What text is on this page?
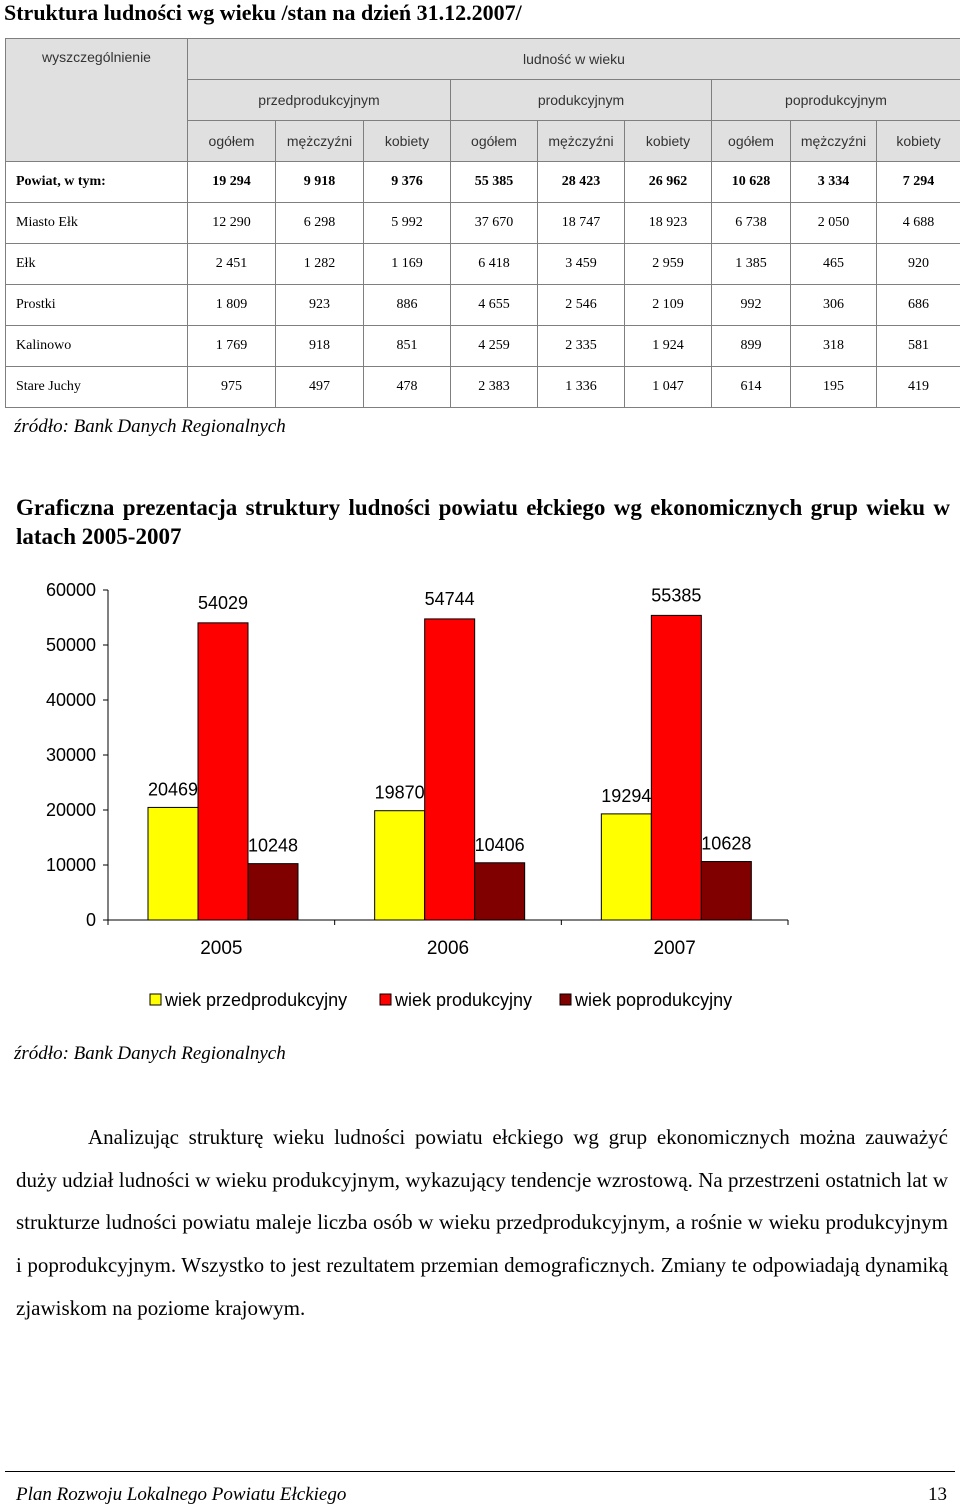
Struktura ludności wg wieku /stan na dzień 31.12.2007/
wyszczególnienie	ludność w wieku								
	przedprodukcyjnym			produkcyjnym			poprodukcyjnym		
	ogółem	mężczyźni	kobiety	ogółem	mężczyźni	kobiety	ogółem	mężczyźni	kobiety
Powiat, w tym:	19 294	9 918	9 376	55 385	28 423	26 962	10 628	3 334	7 294
Miasto Ełk	12 290	6 298	5 992	37 670	18 747	18 923	6 738	2 050	4 688
Ełk	2 451	1 282	1 169	6 418	3 459	2 959	1 385	465	920
Prostki	1 809	923	886	4 655	2 546	2 109	992	306	686
Kalinowo	1 769	918	851	4 259	2 335	1 924	899	318	581
Stare Juchy	975	497	478	2 383	1 336	1 047	614	195	419
źródło: Bank Danych Regionalnych
Graficzna prezentacja struktury ludności powiatu ełckiego wg ekonomicznych grup wieku w latach 2005-2007
0
10000
20000
30000
40000
50000
60000
20469
54029
10248
2005
19870
54744
10406
2006
19294
55385
10628
2007
wiek przedprodukcyjny	wiek produkcyjny wiek poprodukcyjny
źródło: Bank Danych Regionalnych

Analizując strukturę wieku ludności powiatu ełckiego wg grup ekonomicznych można zauważyć duży udział ludności w wieku produkcyjnym, wykazujący tendencje wzrostową. Na przestrzeni ostatnich lat w strukturze ludności powiatu maleje liczba osób w wieku przedprodukcyjnym, a rośnie w wieku produkcyjnym i poprodukcyjnym. Wszystko to jest rezultatem przemian demograficznych. Zmiany te odpowiadają dynamiką zjawiskom na poziome krajowym.

Plan Rozwoju Lokalnego Powiatu Ełckiego	13
